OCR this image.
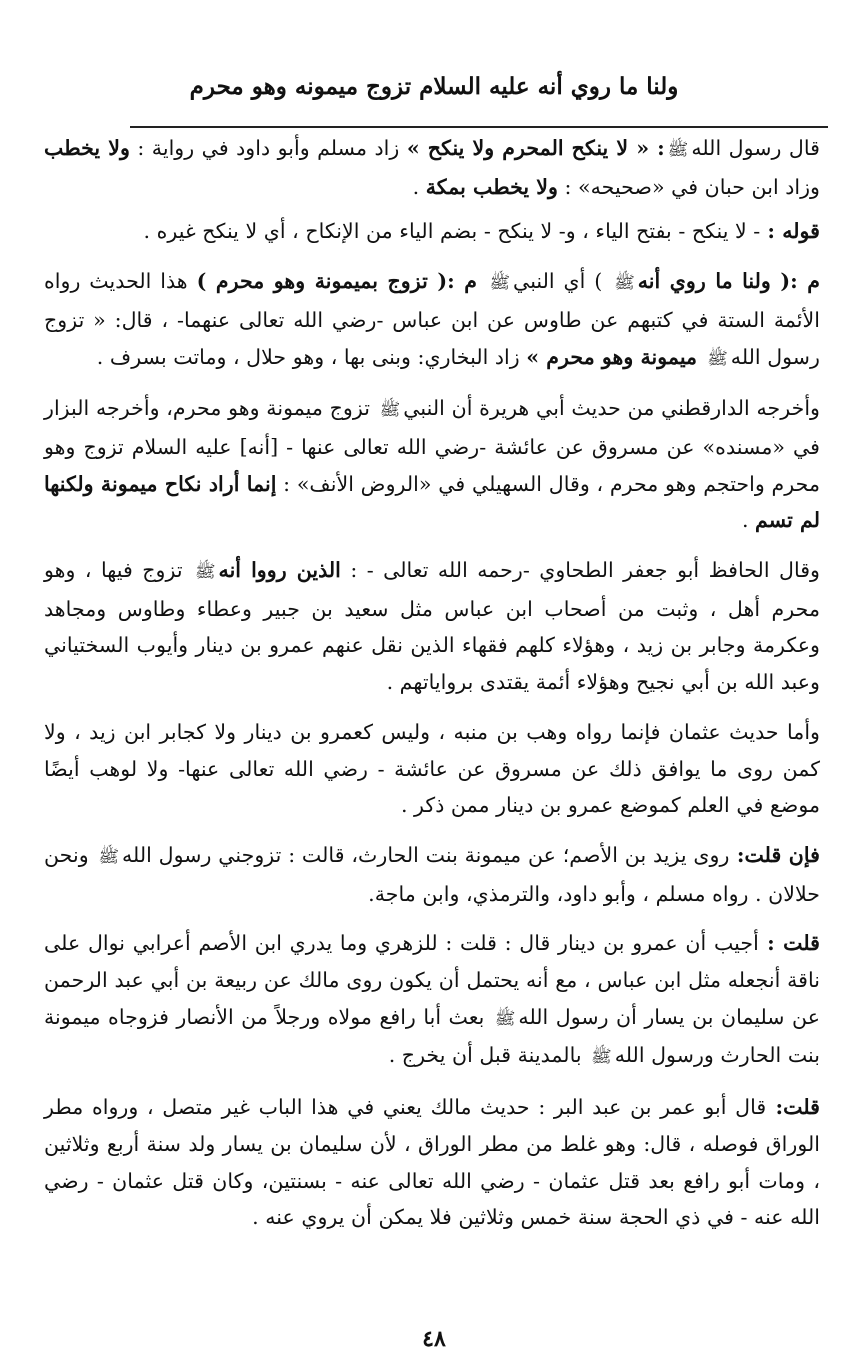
ولنا ما روي أنه عليه السلام تزوج ميمونه وهو محرم

قال رسول اللهﷺ: « لا ينكح المحرم ولا ينكح » زاد مسلم وأبو داود في رواية : ولا يخطب وزاد ابن حبان في «صحيحه» : ولا يخطب بمكة .

قوله : - لا ينكح - بفتح الياء ، و- لا ينكح - بضم الياء من الإنكاح ، أي لا ينكح غيره .

م :( ولنا ما روي أنهﷺ ) أي النبيﷺ م :( تزوج بميمونة وهو محرم ) هذا الحديث رواه الأئمة الستة في كتبهم عن طاوس عن ابن عباس -رضي الله تعالى عنهما- ، قال: « تزوج رسول اللهﷺ ميمونة وهو محرم » زاد البخاري: وبنى بها ، وهو حلال ، وماتت بسرف .

وأخرجه الدارقطني من حديث أبي هريرة أن النبيﷺ تزوج ميمونة وهو محرم، وأخرجه البزار في «مسنده» عن مسروق عن عائشة -رضي الله تعالى عنها - [أنه] عليه السلام تزوج وهو محرم واحتجم وهو محرم ، وقال السهيلي في «الروض الأنف» : إنما أراد نكاح ميمونة ولكنها لم تسم .

وقال الحافظ أبو جعفر الطحاوي -رحمه الله تعالى - : الذين رووا أنهﷺ تزوج فيها ، وهو محرم أهل ، وثبت من أصحاب ابن عباس مثل سعيد بن جبير وعطاء وطاوس ومجاهد وعكرمة وجابر بن زيد ، وهؤلاء كلهم فقهاء الذين نقل عنهم عمرو بن دينار وأيوب السختياني وعبد الله بن أبي نجيح وهؤلاء أئمة يقتدى برواياتهم .

وأما حديث عثمان فإنما رواه وهب بن منبه ، وليس كعمرو بن دينار ولا كجابر ابن زيد ، ولا كمن روى ما يوافق ذلك عن مسروق عن عائشة - رضي الله تعالى عنها- ولا لوهب أيضًا موضع في العلم كموضع عمرو بن دينار ممن ذكر .

فإن قلت: روى يزيد بن الأصم؛ عن ميمونة بنت الحارث، قالت : تزوجني رسول اللهﷺ ونحن حلالان . رواه مسلم ، وأبو داود، والترمذي، وابن ماجة.

قلت : أجيب أن عمرو بن دينار قال : قلت : للزهري وما يدري ابن الأصم أعرابي نوال على ناقة أنجعله مثل ابن عباس ، مع أنه يحتمل أن يكون روى مالك عن ربيعة بن أبي عبد الرحمن عن سليمان بن يسار أن رسول اللهﷺ بعث أبا رافع مولاه ورجلاً من الأنصار فزوجاه ميمونة بنت الحارث ورسول اللهﷺ بالمدينة قبل أن يخرج .

قلت: قال أبو عمر بن عبد البر : حديث مالك يعني في هذا الباب غير متصل ، ورواه مطر الوراق فوصله ، قال: وهو غلط من مطر الوراق ، لأن سليمان بن يسار ولد سنة أربع وثلاثين ، ومات أبو رافع بعد قتل عثمان - رضي الله تعالى عنه - بسنتين، وكان قتل عثمان - رضي الله عنه - في ذي الحجة سنة خمس وثلاثين فلا يمكن أن يروي عنه .

٤٨
